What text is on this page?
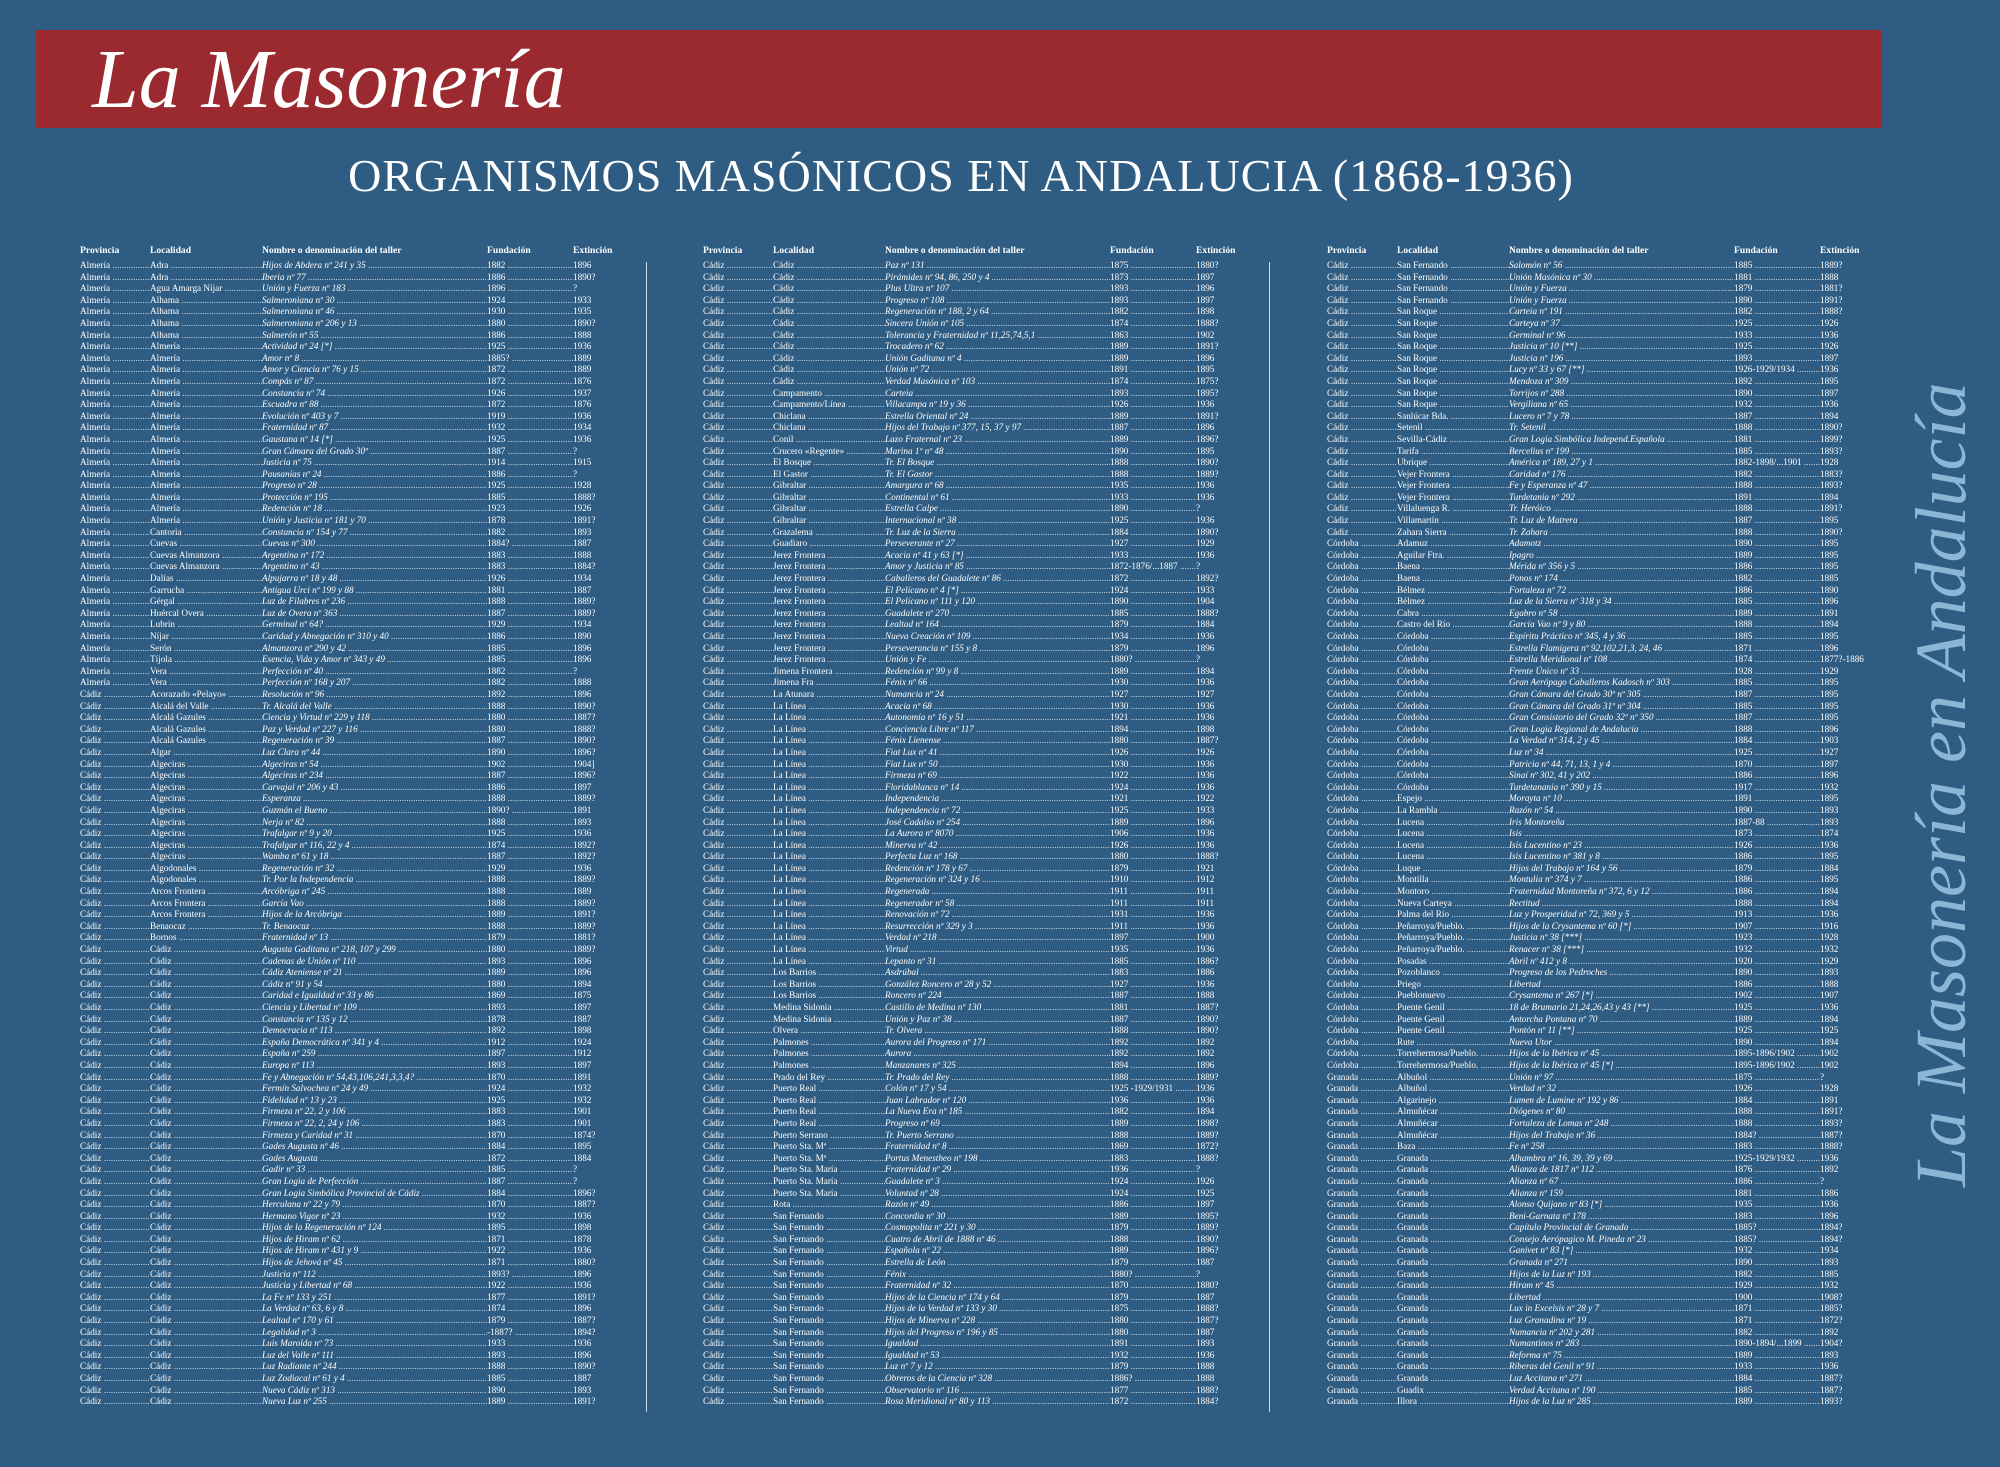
La Masonería
ORGANISMOS MASÓNICOS EN ANDALUCIA (1868-1936)
La Masonería en Andalucía
Provincia	Localidad	Nombre o denominación del taller	Fundación	Extinción
Almería .....	Adra .....	Hijos de Abdera nº 241 y 35 .....	1882 .....	1896
Almería .....	Adra .....	Iberia nº 77 .....	1886 .....	1890?
Almería .....	Agua Amarga Níjar .....	Unión y Fuerza nº 183 .....	1896 .....	?
Almería .....	Alhama .....	Salmeroniana nº 30 .....	1924 .....	1933
Almería .....	Alhama .....	Salmeroniana nº 46 .....	1930 .....	1935
Almería .....	Alhama .....	Salmeroniana nº 206 y 13 .....	1880 .....	1890?
Almería .....	Alhama .....	Salmerón nº 55 .....	1886 .....	1888
Almería .....	Almería .....	Actividad nº 24 [*] .....	1925 .....	1936
Almería .....	Almería .....	Amor nº 8 .....	1885? .....	1889
Almería .....	Almería .....	Amor y Ciencia nº 76 y 15 .....	1872 .....	1889
Almería .....	Almería .....	Compás nº 87 .....	1872 .....	1876
Almería .....	Almería .....	Constancia nº 74 .....	1926 .....	1937
Almería .....	Almería .....	Escuadra nº 88 .....	1872 .....	1876
Almería .....	Almería .....	Evolución nº 403 y 7 .....	1919 .....	1936
Almería .....	Almería .....	Fraternidad nº 87 .....	1932 .....	1934
Almería .....	Almería .....	Gaustana nº 14 [*] .....	1925 .....	1936
Almería .....	Almería .....	Gran Cámara del Grado 30º .....	1887 .....	?
Almería .....	Almería .....	Justicia nº 75 .....	1914 .....	1915
Almería .....	Almería .....	Pausanias nº 24 .....	1886 .....	?
Almería .....	Almería .....	Progreso nº 28 .....	1925 .....	1928
Almería .....	Almería .....	Protección nº 195 .....	1885 .....	1888?
Almería .....	Almería .....	Redención nº 18 .....	1923 .....	1926
Almería .....	Almería .....	Unión y Justicia nº 181 y 70 .....	1878 .....	1891?
Almería .....	Cantoria .....	Constancia nº 154 y 77 .....	1882 .....	1893
Almería .....	Cuevas .....	Cuevas nº 300 .....	1884? .....	1887
Almería .....	Cuevas Almanzora .....	Argentina nº 172 .....	1883 .....	1888
Almería .....	Cuevas Almanzora .....	Argentino nº 43 .....	1883 .....	1884?
Almería .....	Dalías .....	Alpujarra nº 18 y 48 .....	1926 .....	1934
Almería .....	Garrucha .....	Antigua Urci nº 199 y 88 .....	1881 .....	1887
Almería .....	Gérgal .....	Luz de Filabres nº 236 .....	1888 .....	1889?
Almería .....	Huércal Overa .....	Luz de Overa nº 363 .....	1887 .....	1889?
Almería .....	Lubrín .....	Germinal nº 64? .....	1929 .....	1934
Almería .....	Níjar .....	Caridad y Abnegación nº 310 y 40 .....	1886 .....	1890
Almería .....	Serón .....	Almanzora nº 290 y 42 .....	1885 .....	1896
Almería .....	Tíjola .....	Esencia, Vida y Amor nº 343 y 49 .....	1885 .....	1896
Almería .....	Vera .....	Perfección nº 40 .....	1882 .....	?
Almería .....	Vera .....	Perfección nº 168 y 207 .....	1882 .....	1888
Cádiz .....	Acorazado «Pelayo» .....	Resolución nº 96 .....	1892 .....	1896
Cádiz .....	Alcalá del Valle .....	Tr. Alcalá del Valle .....	1888 .....	1890?
Cádiz .....	Alcalá Gazules .....	Ciencia y Virtud nº 229 y 118 .....	1880 .....	1887?
Cádiz .....	Alcalá Gazules .....	Paz y Verdad nº 227 y 116 .....	1880 .....	1888?
Cádiz .....	Alcalá Gazules .....	Regeneración nº 39 .....	1887 .....	1890?
Cádiz .....	Algar .....	Luz Clara nº 44 .....	1890 .....	1896?
Cádiz .....	Algeciras .....	Algeciras nº 54 .....	1902 .....	1904]
Cádiz .....	Algeciras .....	Algeciras nº 234 .....	1887 .....	1896?
Cádiz .....	Algeciras .....	Carvajal nº 206 y 43 .....	1886 .....	1897
Cádiz .....	Algeciras .....	Esperanza .....	1888 .....	1889?
Cádiz .....	Algeciras .....	Guzmán el Bueno .....	1890? .....	1891
Cádiz .....	Algeciras .....	Nerja nº 82 .....	1888 .....	1893
Cádiz .....	Algeciras .....	Trafalgar nº 9 y 20 .....	1925 .....	1936
Cádiz .....	Algeciras .....	Trafalgar nº 116, 22 y 4 .....	1874 .....	1892?
Cádiz .....	Algeciras .....	Wamba nº 61 y 18 .....	1887 .....	1892?
Cádiz .....	Algodonales .....	Regeneración nº 32 .....	1929 .....	1936
Cádiz .....	Algodonales .....	Tr. Por la Independencia .....	1888 .....	1889?
Cádiz .....	Arcos Frontera .....	Arcóbriga nº 245 .....	1888 .....	1889
Cádiz .....	Arcos Frontera .....	García Vao .....	1888 .....	1889?
Cádiz .....	Arcos Frontera .....	Hijos de la Arcóbriga .....	1889 .....	1891?
Cádiz .....	Benaocaz .....	Tr. Benaocaz .....	1888 .....	1889?
Cádiz .....	Bornos .....	Fraternidad nº 13 .....	1879 .....	1881?
Cádiz .....	Cádiz .....	Augusta Gaditana nº 218, 107 y 299 .....	1880 .....	1889?
Cádiz .....	Cádiz .....	Cadenas de Unión nº 110 .....	1893 .....	1896
Cádiz .....	Cádiz .....	Cádiz Ateniense nº 21 .....	1889 .....	1896
Cádiz .....	Cádiz .....	Cádiz nº 91 y 54 .....	1880 .....	1894
Cádiz .....	Cádiz .....	Caridad e Igualdad nº 33 y 86 .....	1869 .....	1875
Cádiz .....	Cádiz .....	Ciencia y Libertad nº 109 .....	1893 .....	1897
Cádiz .....	Cádiz .....	Constancia nº 135 y 12 .....	1878 .....	1887
Cádiz .....	Cádiz .....	Democracia nº 113 .....	1892 .....	1898
Cádiz .....	Cádiz .....	España Democrática nº 341 y 4 .....	1912 .....	1924
Cádiz .....	Cádiz .....	España nº 259 .....	1897 .....	1912
Cádiz .....	Cádiz .....	Europa nº 113 .....	1893 .....	1897
Cádiz .....	Cádiz .....	Fe y Abnegación nº 54,43,106,241,3,3,4? .....	1870 .....	1891
Cádiz .....	Cádiz .....	Fermín Salvochea nº 24 y 49 .....	1924 .....	1932
Cádiz .....	Cádiz .....	Fidelidad nº 13 y 23 .....	1925 .....	1932
Cádiz .....	Cádiz .....	Firmeza nº 22, 2 y 106 .....	1883 .....	1901
Cádiz .....	Cádiz .....	Firmeza nº 22, 2, 24 y 106 .....	1883 .....	1901
Cádiz .....	Cádiz .....	Firmeza y Caridad nº 31 .....	1870 .....	1874?
Cádiz .....	Cádiz .....	Gades Augusta nº 46 .....	1884 .....	1895
Cádiz .....	Cádiz .....	Gades Augusta .....	1872 .....	1884
Cádiz .....	Cádiz .....	Gadir nº 33 .....	1885 .....	?
Cádiz .....	Cádiz .....	Gran Logia de Perfección .....	1887 .....	?
Cádiz .....	Cádiz .....	Gran Logia Simbólica Provincial de Cádiz .....	1884 .....	1896?
Cádiz .....	Cádiz .....	Herculana nº 22 y 79 .....	1870 .....	1887?
Cádiz .....	Cádiz .....	Hermano Vigor nº 23 .....	1932 .....	1936
Cádiz .....	Cádiz .....	Hijos de la Regeneración nº 124 .....	1895 .....	1898
Cádiz .....	Cádiz .....	Hijos de Hiram nº 62 .....	1871 .....	1878
Cádiz .....	Cádiz .....	Hijos de Hiram nº 431 y 9 .....	1922 .....	1936
Cádiz .....	Cádiz .....	Hijos de Jehová nº 45 .....	1871 .....	1880?
Cádiz .....	Cádiz .....	Justicia nº 112 .....	1893? .....	1896
Cádiz .....	Cádiz .....	Justicia y Libertad nº 68 .....	1922 .....	1936
Cádiz .....	Cádiz .....	La Fe nº 133 y 251 .....	1877 .....	1891?
Cádiz .....	Cádiz .....	La Verdad nº 63, 6 y 8 .....	1874 .....	1896
Cádiz .....	Cádiz .....	Lealtad nº 170 y 61 .....	1879 .....	1887?
Cádiz .....	Cádiz .....	Legalidad nº 3 .....	-1887? .....	1894?
Cádiz .....	Cádiz .....	Luis Marolda nº 73 .....	1933 .....	1936
Cádiz .....	Cádiz .....	Luz del Valle nº 111 .....	1893 .....	1896
Cádiz .....	Cádiz .....	Luz Radiante nº 244 .....	1888 .....	1890?
Cádiz .....	Cádiz .....	Luz Zodiacal nº 61 y 4 .....	1885 .....	1887
Cádiz .....	Cádiz .....	Nueva Cádiz nº 313 .....	1890 .....	1893
Cádiz .....	Cádiz .....	Nueva Luz nº 255 .....	1889 .....	1891?
Provincia	Localidad	Nombre o denominación del taller	Fundación	Extinción
Cádiz .....	Cádiz .....	Paz nº 131 .....	1875 .....	1880?
Cádiz .....	Cádiz .....	Pirámides nº 94, 86, 250 y 4 .....	1873 .....	1897
Cádiz .....	Cádiz .....	Plus Ultra nº 107 .....	1893 .....	1896
Cádiz .....	Cádiz .....	Progreso nº 108 .....	1893 .....	1897
Cádiz .....	Cádiz .....	Regeneración nº 188, 2 y 64 .....	1882 .....	1898
Cádiz .....	Cádiz .....	Sincera Unión nº 105 .....	1874 .....	1888?
Cádiz .....	Cádiz .....	Tolerancia y Fraternidad nº 11,25,74,5,1 .....	1863 .....	1902
Cádiz .....	Cádiz .....	Trocadero nº 62 .....	1889 .....	1891?
Cádiz .....	Cádiz .....	Unión Gaditana nº 4 .....	1889 .....	1896
Cádiz .....	Cádiz .....	Unión nº 72 .....	1891 .....	1895
Cádiz .....	Cádiz .....	Verdad Masónica nº 103 .....	1874 .....	1875?
Cádiz .....	Campamento .....	Carteia .....	1893 .....	1895?
Cádiz .....	Campamento/Línea .....	Villacampa nº 19 y 36 .....	1926 .....	1936
Cádiz .....	Chiclana .....	Estrella Oriental nº 24 .....	1889 .....	1891?
Cádiz .....	Chiclana .....	Hijos del Trabajo nº 377, 15, 37 y 97 .....	1887 .....	1896
Cádiz .....	Conil .....	Lazo Fraternal nº 23 .....	1889 .....	1896?
Cádiz .....	Crucero «Regente» .....	Marina 1º nº 48 .....	1890 .....	1895
Cádiz .....	El Bosque .....	Tr. El Bosque .....	1888 .....	1890?
Cádiz .....	El Gastor .....	Tr. El Gastor .....	1888 .....	1889?
Cádiz .....	Gibraltar .....	Amargura nº 68 .....	1935 .....	1936
Cádiz .....	Gibraltar .....	Continental nº 61 .....	1933 .....	1936
Cádiz .....	Gibraltar .....	Estrella Calpe .....	1890 .....	?
Cádiz .....	Gibraltar .....	Internacional nº 38 .....	1925 .....	1936
Cádiz .....	Grazalema .....	Tr. Luz de la Sierra .....	1884 .....	1890?
Cádiz .....	Guadiaro .....	Perseverante nº 27 .....	1927 .....	1929
Cádiz .....	Jerez Frontera .....	Acacia nº 41 y 63 [*] .....	1933 .....	1936
Cádiz .....	Jerez Frontera .....	Amor y Justicia nº 85 .....	1872-1876/...1887 .....	?
Cádiz .....	Jerez Frontera .....	Caballeros del Guadalete nº 86 .....	1872 .....	1892?
Cádiz .....	Jerez Frontera .....	El Pelícano nº 4 [*] .....	1924 .....	1933
Cádiz .....	Jerez Frontera .....	El Pelícano nº 111 y 120 .....	1890 .....	1904
Cádiz .....	Jerez Frontera .....	Guadalete nº 270 .....	1885 .....	1888?
Cádiz .....	Jerez Frontera .....	Lealtad nº 164 .....	1879 .....	1884
Cádiz .....	Jerez Frontera .....	Nueva Creación nº 109 .....	1934 .....	1936
Cádiz .....	Jerez Frontera .....	Perseverancia nº 155 y 8 .....	1879 .....	1896
Cádiz .....	Jerez Frontera .....	Unión y Fe .....	1880? .....	?
Cádiz .....	Jimena Frontera .....	Redención nº 99 y 8 .....	1889 .....	1894
Cádiz .....	Jimena Fra .....	Fénix nº 66 .....	1930 .....	1936
Cádiz .....	La Atunara .....	Numancia nº 24 .....	1927 .....	1927
Cádiz .....	La Línea .....	Acacia nº 68 .....	1930 .....	1936
Cádiz .....	La Línea .....	Autonomía nº 16 y 51 .....	1921 .....	1936
Cádiz .....	La Línea .....	Conciencia Libre nº 117 .....	1894 .....	1898
Cádiz .....	La Línea .....	Fénix Lienense .....	1880 .....	1887?
Cádiz .....	La Línea .....	Fiat Lux nº 41 .....	1926 .....	1926
Cádiz .....	La Línea .....	Fiat Lux nº 50 .....	1930 .....	1936
Cádiz .....	La Línea .....	Firmeza nº 69 .....	1922 .....	1936
Cádiz .....	La Línea .....	Floridablanca nº 14 .....	1924 .....	1936
Cádiz .....	La Línea .....	Independencia .....	1921 .....	1922
Cádiz .....	La Línea .....	Independencia nº 72 .....	1925 .....	1933
Cádiz .....	La Línea .....	José Cadalso nº 254 .....	1889 .....	1896
Cádiz .....	La Línea .....	La Aurora nº 8070 .....	1906 .....	1936
Cádiz .....	La Línea .....	Minerva nº 42 .....	1926 .....	1936
Cádiz .....	La Línea .....	Perfecta Luz nº 168 .....	1880 .....	1888?
Cádiz .....	La Línea .....	Redención nº 178 y 67 .....	1879 .....	1921
Cádiz .....	La Línea .....	Regeneración nº 324 y 16 .....	1910 .....	1912
Cádiz .....	La Línea .....	Regenerada .....	1911 .....	1911
Cádiz .....	La Línea .....	Regenerador nº 58 .....	1911 .....	1911
Cádiz .....	La Línea .....	Renovación nº 72 .....	1931 .....	1936
Cádiz .....	La Línea .....	Resurrección nº 329 y 3 .....	1911 .....	1936
Cádiz .....	La Línea .....	Verdad nº 218 .....	1897 .....	1900
Cádiz .....	La Línea .....	Virtud .....	1935 .....	1936
Cádiz .....	La Línea .....	Lepanto nº 31 .....	1885 .....	1886?
Cádiz .....	Los Barrios .....	Asdrúbal .....	1883 .....	1886
Cádiz .....	Los Barrios .....	González Roncero nº 28 y 52 .....	1927 .....	1936
Cádiz .....	Los Barrios .....	Roncero nº 224 .....	1887 .....	1888
Cádiz .....	Medina Sidonia .....	Castillo de Medina nº 130 .....	1881 .....	1887?
Cádiz .....	Medina Sidonia .....	Unión y Paz nº 38 .....	1887 .....	1890?
Cádiz .....	Olvera .....	Tr. Olvera .....	1888 .....	1890?
Cádiz .....	Palmones .....	Aurora del Progreso nº 171 .....	1892 .....	1892
Cádiz .....	Palmones .....	Aurora .....	1892 .....	1892
Cádiz .....	Palmones .....	Manzanares nº 325 .....	1894 .....	1896
Cádiz .....	Prado del Rey .....	Tr. Prado del Rey .....	1888 .....	1889?
Cádiz .....	Puerto Real .....	Colón nº 17 y 54 .....	1925 -1929/1931 .....	1936
Cádiz .....	Puerto Real .....	Juan Labrador nº 120 .....	1936 .....	1936
Cádiz .....	Puerto Real .....	La Nueva Era nº 185 .....	1882 .....	1894
Cádiz .....	Puerto Real .....	Progreso nº 69 .....	1889 .....	1898?
Cádiz .....	Puerto Serrano .....	Tr. Puerto Serrano .....	1888 .....	1889?
Cádiz .....	Puerto Sta. Mª .....	Fraternidad nº 8 .....	1869 .....	1872?
Cádiz .....	Puerto Sta. Mª .....	Portus Menestheo nº 198 .....	1883 .....	1888?
Cádiz .....	Puerto Sta. María .....	Fraternidad nº 29 .....	1936 .....	?
Cádiz .....	Puerto Sta. María .....	Guadalete nº 3 .....	1924 .....	1926
Cádiz .....	Puerto Sta. María .....	Voluntad nº 28 .....	1924 .....	1925
Cádiz .....	Rota .....	Razón nº 49 .....	1886 .....	1897
Cádiz .....	San Fernando .....	Concordia nº 30 .....	1889 .....	1895?
Cádiz .....	San Fernando .....	Cosmopolita nº 221 y 30 .....	1879 .....	1889?
Cádiz .....	San Fernando .....	Cuatro de Abril de 1888 nº 46 .....	1888 .....	1890?
Cádiz .....	San Fernando .....	Española nº 22 .....	1889 .....	1896?
Cádiz .....	San Fernando .....	Estrella de León .....	1879 .....	1887
Cádiz .....	San Fernando .....	Fénix .....	1880? .....	?
Cádiz .....	San Fernando .....	Fraternidad nº 32 .....	1870 .....	1880?
Cádiz .....	San Fernando .....	Hijos de la Ciencia nº 174 y 64 .....	1879 .....	1887
Cádiz .....	San Fernando .....	Hijos de la Verdad nº 133 y 30 .....	1875 .....	1888?
Cádiz .....	San Fernando .....	Hijos de Minerva nº 228 .....	1880 .....	1887?
Cádiz .....	San Fernando .....	Hijos del Progreso nº 196 y 85 .....	1880 .....	1887
Cádiz .....	San Fernando .....	Igualdad .....	1891 .....	1893
Cádiz .....	San Fernando .....	Igualdad nº 53 .....	1932 .....	1936
Cádiz .....	San Fernando .....	Luz nº 7 y 12 .....	1879 .....	1888
Cádiz .....	San Fernando .....	Obreros de la Ciencia nº 328 .....	1886? .....	1888
Cádiz .....	San Fernando .....	Observatorio nº 116 .....	1877 .....	1888?
Cádiz .....	San Fernando .....	Rosa Meridional nº 80 y 113 .....	1872 .....	1884?
Provincia	Localidad	Nombre o denominación del taller	Fundación	Extinción
Cádiz .....	San Fernando .....	Salomón nº 56 .....	1885 .....	1889?
Cádiz .....	San Fernando .....	Unión Masónica nº 30 .....	1881 .....	1888
Cádiz .....	San Fernando .....	Unión y Fuerza .....	1879 .....	1881?
Cádiz .....	San Fernando .....	Unión y Fuerza .....	1890 .....	1891?
Cádiz .....	San Roque .....	Carteia nº 191 .....	1882 .....	1888?
Cádiz .....	San Roque .....	Carteya nº 37 .....	1925 .....	1926
Cádiz .....	San Roque .....	Germinal nº 96 .....	1933 .....	1936
Cádiz .....	San Roque .....	Justicia nº 10 [**] .....	1925 .....	1926
Cádiz .....	San Roque .....	Justicia nº 196 .....	1893 .....	1897
Cádiz .....	San Roque .....	Lucy nº 33 y 67 [**] .....	1926-1929/1934 .....	1936
Cádiz .....	San Roque .....	Mendoza nº 309 .....	1892 .....	1895
Cádiz .....	San Roque .....	Torrijos nº 288 .....	1890 .....	1897
Cádiz .....	San Roque .....	Vergiliana nº 65 .....	1932 .....	1936
Cádiz .....	Sanlúcar Bda. .....	Lucero nº 7 y 78 .....	1887 .....	1894
Cádiz .....	Setenil .....	Tr. Setenil .....	1888 .....	1890?
Cádiz .....	Sevilla-Cádiz .....	Gran Logia Simbólica Independ.Española .....	1881 .....	1899?
Cádiz .....	Tarifa .....	Bercelius nº 199 .....	1885 .....	1893?
Cádiz .....	Ubrique .....	América nº 189, 27 y 1 .....	1882-1898/...1901 .....	1928
Cádiz .....	Vejer Frontera .....	Caridad nº 176 .....	1882 .....	1883?
Cádiz .....	Vejer Frontera .....	Fe y Esperanza nº 47 .....	1888 .....	1893?
Cádiz .....	Vejer Frontera .....	Turdetania nº 292 .....	1891 .....	1894
Cádiz .....	Villaluenga R. .....	Tr. Heróico .....	1888 .....	1891?
Cádiz .....	Villamartín .....	Tr. Luz de Matrera .....	1887 .....	1895
Cádiz .....	Zahara Sierra .....	Tr. Zahara .....	1888 .....	1890?
Córdoba .....	Adamuz .....	Adamotz .....	1890 .....	1895
Córdoba .....	Aguilar Ftra. .....	Ipagro .....	1889 .....	1895
Córdoba .....	Baena .....	Mérida nº 356 y 5 .....	1886 .....	1895
Córdoba .....	Baena .....	Ponos nº 174 .....	1882 .....	1885
Córdoba .....	Bélmez .....	Fortaleza nº 72 .....	1886 .....	1890
Córdoba .....	Bélmez .....	Luz de la Sierra nº 318 y 34 .....	1885 .....	1896
Córdoba .....	Cabra .....	Egabro nº 58 .....	1889 .....	1891
Córdoba .....	Castro del Río .....	García Vao nº 9 y 80 .....	1888 .....	1894
Córdoba .....	Córdoba .....	Espíritu Práctico nº 345, 4 y 36 .....	1885 .....	1895
Córdoba .....	Córdoba .....	Estrella Flamígera nº 92,102,21,3, 24, 46 .....	1871 .....	1896
Córdoba .....	Córdoba .....	Estrella Meridional nº 108 .....	1874 .....	1877?-1886
Córdoba .....	Córdoba .....	Frente Único nº 33 .....	1928 .....	1929
Córdoba .....	Córdoba .....	Gran Aerópago Caballeros Kadosch nº 303 .....	1885 .....	1895
Córdoba .....	Córdoba .....	Gran Cámara del Grado 30º nº 305 .....	1887 .....	1895
Córdoba .....	Córdoba .....	Gran Cámara del Grado 31º nº 304 .....	1885 .....	1895
Córdoba .....	Córdoba .....	Gran Consistorio del Grado 32º nº 350 .....	1887 .....	1895
Córdoba .....	Córdoba .....	Gran Logia Regional de Andalucía .....	1888 .....	1896
Córdoba .....	Córdoba .....	La Verdad nº 314, 2 y 45 .....	1884 .....	1903
Córdoba .....	Córdoba .....	Luz nº 34 .....	1925 .....	1927
Córdoba .....	Córdoba .....	Patricia nº 44, 71, 13, 1 y 4 .....	1870 .....	1897
Córdoba .....	Córdoba .....	Sinaí nº 302, 41 y 202 .....	1886 .....	1896
Córdoba .....	Córdoba .....	Turdetanania nº 390 y 15 .....	1917 .....	1932
Córdoba .....	Espejo .....	Morayta nº 10 .....	1891 .....	1895
Córdoba .....	La Rambla .....	Razón nº 54 .....	1890 .....	1893
Córdoba .....	Lucena .....	Iris Montoreña .....	1887-88 .....	1893
Córdoba .....	Lucena .....	Isis .....	1873 .....	1874
Córdoba .....	Lucena .....	Isis Lucentino nº 23 .....	1926 .....	1936
Córdoba .....	Lucena .....	Isis Lucentino nº 381 y 8 .....	1886 .....	1895
Córdoba .....	Luque .....	Hijos del Trabajo nº 164 y 56 .....	1879 .....	1884
Córdoba .....	Montilla .....	Montulia nº 374 y 7 .....	1886 .....	1895
Córdoba .....	Montoro .....	Fraternidad Montoreña nº 372, 6 y 12 .....	1886 .....	1894
Córdoba .....	Nueva Carteya .....	Rectitud .....	1888 .....	1894
Córdoba .....	Palma del Río .....	Luz y Prosperidad nº 72, 369 y 5 .....	1913 .....	1936
Córdoba .....	Peñarroya/Pueblo. .....	Hijos de la Crysantema nº 60 [*] .....	1907 .....	1916
Córdoba .....	Peñarroya/Pueblo. .....	Justicia nº 38 [***] .....	1923 .....	1928
Córdoba .....	Peñarroya/Pueblo. .....	Renacer nº 38 [***] .....	1932 .....	1932
Córdoba .....	Posadas .....	Abril nº 412 y 8 .....	1920 .....	1929
Córdoba .....	Pozoblanco .....	Progreso de los Pedroches .....	1890 .....	1893
Córdoba .....	Priego .....	Libertad .....	1886 .....	1888
Córdoba .....	Pueblonuevo .....	Crysantema nº 267 [*] .....	1902 .....	1907
Córdoba .....	Puente Genil .....	18 de Brumario 21,24,26,43 y 43 [**] .....	1925 .....	1936
Córdoba .....	Puente Genil .....	Antorcha Pontana nº 70 .....	1889 .....	1894
Córdoba .....	Puente Genil .....	Pontón nº 11 [**] .....	1925 .....	1925
Córdoba .....	Rute .....	Nueva Utor .....	1890 .....	1894
Córdoba .....	Torrehermosa/Pueblo. .....	Hijos de la Ibérica nº 45 .....	1895-1896/1902 .....	1902
Córdoba .....	Torrehermosa/Pueblo. .....	Hijos de la Ibérica nº 45 [*] .....	1895-1896/1902 .....	1902
Granada .....	Albuñol .....	Unión nº 97 .....	1875 .....	?
Granada .....	Albuñol .....	Verdad nº 32 .....	1926 .....	1928
Granada .....	Algarinejo .....	Lumen de Lumine nº 192 y 86 .....	1884 .....	1891
Granada .....	Almuñécar .....	Diógenes nº 80 .....	1888 .....	1891?
Granada .....	Almuñécar .....	Fortaleza de Lomas nº 248 .....	1888 .....	1893?
Granada .....	Almuñécar .....	Hijos del Trabajo nº 36 .....	1884? .....	1887?
Granada .....	Baza .....	Fe nº 258 .....	1883 .....	1888?
Granada .....	Granada .....	Alhambra nº 16, 39, 39 y 69 .....	1925-1929/1932 .....	1936
Granada .....	Granada .....	Alianza de 1817 nº 112 .....	1876 .....	1892
Granada .....	Granada .....	Alianza nº 67 .....	1886 .....	?
Granada .....	Granada .....	Alianza nº 159 .....	1881 .....	1886
Granada .....	Granada .....	Alonso Quijano nº 83 [*] .....	1935 .....	1936
Granada .....	Granada .....	Beni-Garnata nº 178 .....	1883 .....	1896
Granada .....	Granada .....	Capítulo Provincial de Granada .....	1885? .....	1894?
Granada .....	Granada .....	Consejo Aerópagico M. Pineda nº 23 .....	1885? .....	1894?
Granada .....	Granada .....	Ganivet nº 83 [*] .....	1932 .....	1934
Granada .....	Granada .....	Granada nº 271 .....	1890 .....	1893
Granada .....	Granada .....	Hijos de la Luz nº 193 .....	1882 .....	1885
Granada .....	Granada .....	Hiram nº 45 .....	1929 .....	1932
Granada .....	Granada .....	Libertad .....	1900 .....	1908?
Granada .....	Granada .....	Lux in Excelsis nº 28 y 7 .....	1871 .....	1885?
Granada .....	Granada .....	Luz Granadina nº 19 .....	1871 .....	1872?
Granada .....	Granada .....	Numancia nº 202 y 281 .....	1882 .....	1892
Granada .....	Granada .....	Numantinos nº 283 .....	1890-1894/...1899 .....	1904?
Granada .....	Granada .....	Reforma nº 75 .....	1889 .....	1893
Granada .....	Granada .....	Riberas del Genil nº 91 .....	1933 .....	1936
Granada .....	Granada .....	Luz Accitana nº 271 .....	1884 .....	1887?
Granada .....	Guadix .....	Verdad Accitana nº 190 .....	1885 .....	1887?
Granada .....	Illora .....	Hijos de la Luz nº 285 .....	1889 .....	1893?
